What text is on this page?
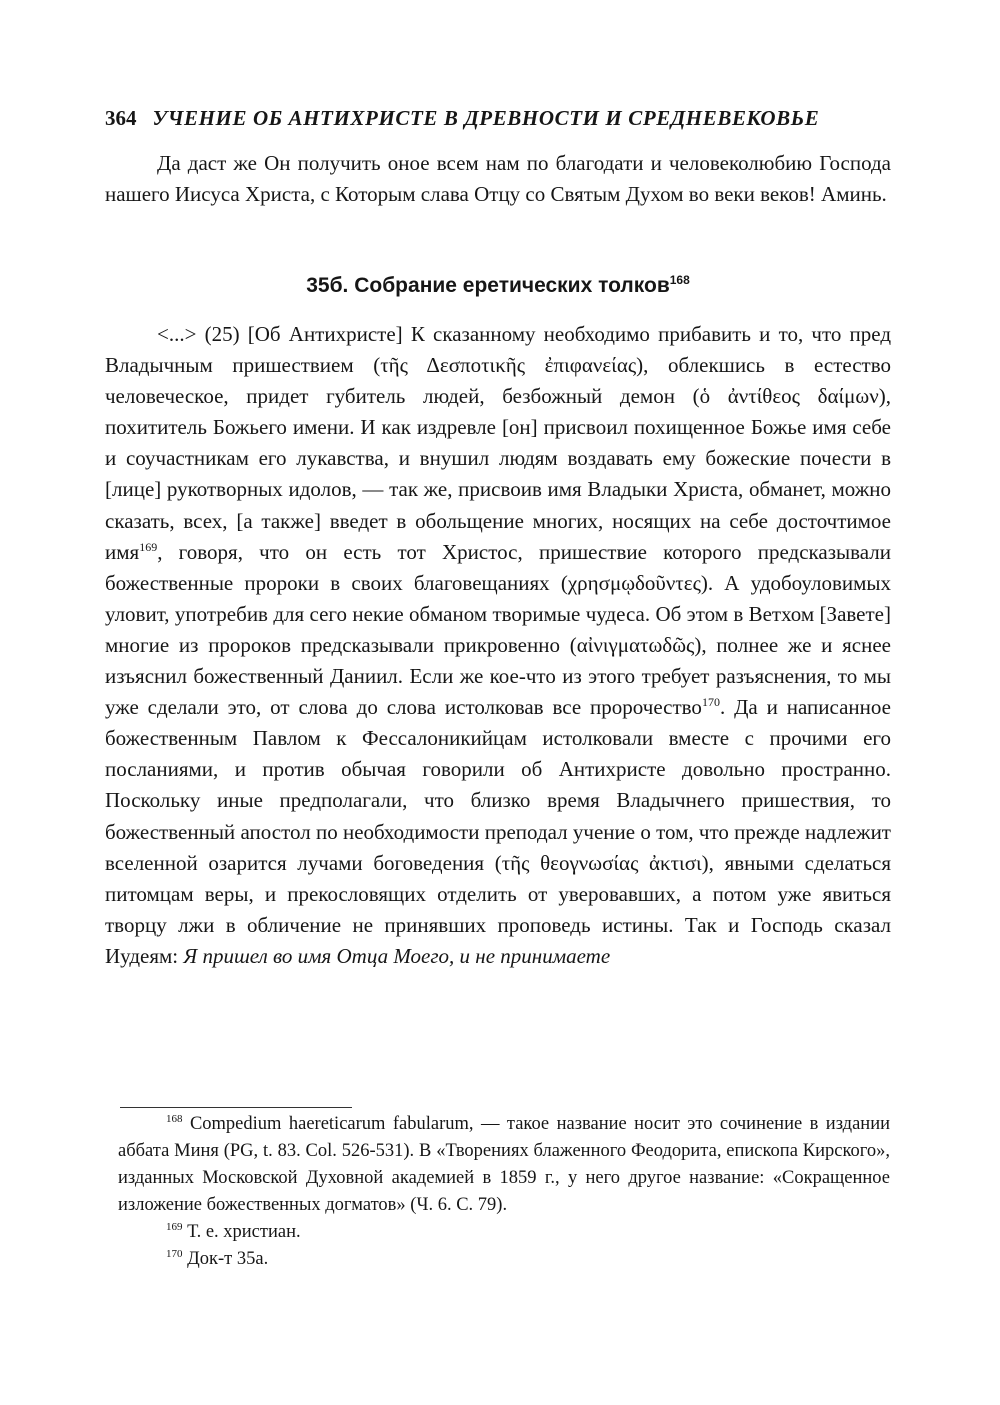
364 УЧЕНИЕ ОБ АНТИХРИСТЕ В ДРЕВНОСТИ И СРЕДНЕВЕКОВЬЕ

Да даст же Он получить оное всем нам по благодати и человеколюбию Господа нашего Иисуса Христа, с Которым слава Отцу со Святым Духом во веки веков! Аминь.

35б. Собрание еретических толков$^{168}$

<...> (25) [Об Антихристе] К сказанному необходимо прибавить и то, что пред Владычным пришествием (τῆς Δεσποτικῆς ἐπιφανείας), облекшись в естество человеческое, придет губитель людей, безбожный демон (ὁ ἀντίθεος δαίμων), похититель Божьего имени. И как издревле [он] присвоил похищенное Божье имя себе и соучастникам его лукавства, и внушил людям воздавать ему божеские почести в [лице] рукотворных идолов, — так же, присвоив имя Владыки Христа, обманет, можно сказать, всех, [а также] введет в обольщение многих, носящих на себе досточтимое имя$^{169}$, говоря, что он есть тот Христос, пришествие которого предсказывали божественные пророки в своих благовещаниях (χρησμῳδοῦντες). А удобоуловимых уловит, употребив для сего некие обманом творимые чудеса. Об этом в Ветхом [Завете] многие из пророков предсказывали прикровенно (αἰνιγματωδῶς), полнее же и яснее изъяснил божественный Даниил. Если же кое-что из этого требует разъяснения, то мы уже сделали это, от слова до слова истолковав все пророчество$^{170}$. Да и написанное божественным Павлом к Фессалоникийцам истолковали вместе с прочими его посланиями, и против обычая говорили об Антихристе довольно пространно. Поскольку иные предполагали, что близко время Владычнего пришествия, то божественный апостол по необходимости преподал учение о том, что прежде надлежит вселенной озарится лучами боговедения (τῆς θεογνωσίας ἀκτισι), явными сделаться питомцам веры, и прекословящих отделить от уверовавших, а потом уже явиться творцу лжи в обличение не принявших проповедь истины. Так и Господь сказал Иудеям: Я пришел во имя Отца Моего, и не принимаете

$^{168}$ Compedium haereticarum fabularum, — такое название носит это сочинение в издании аббата Миня (PG, t. 83. Col. 526-531). В «Творениях блаженного Феодорита, епископа Кирского», изданных Московской Духовной академией в 1859 г., у него другое название: «Сокращенное изложение божественных догматов» (Ч. 6. С. 79).

$^{169}$ Т. е. христиан.

$^{170}$ Док-т 35а.
